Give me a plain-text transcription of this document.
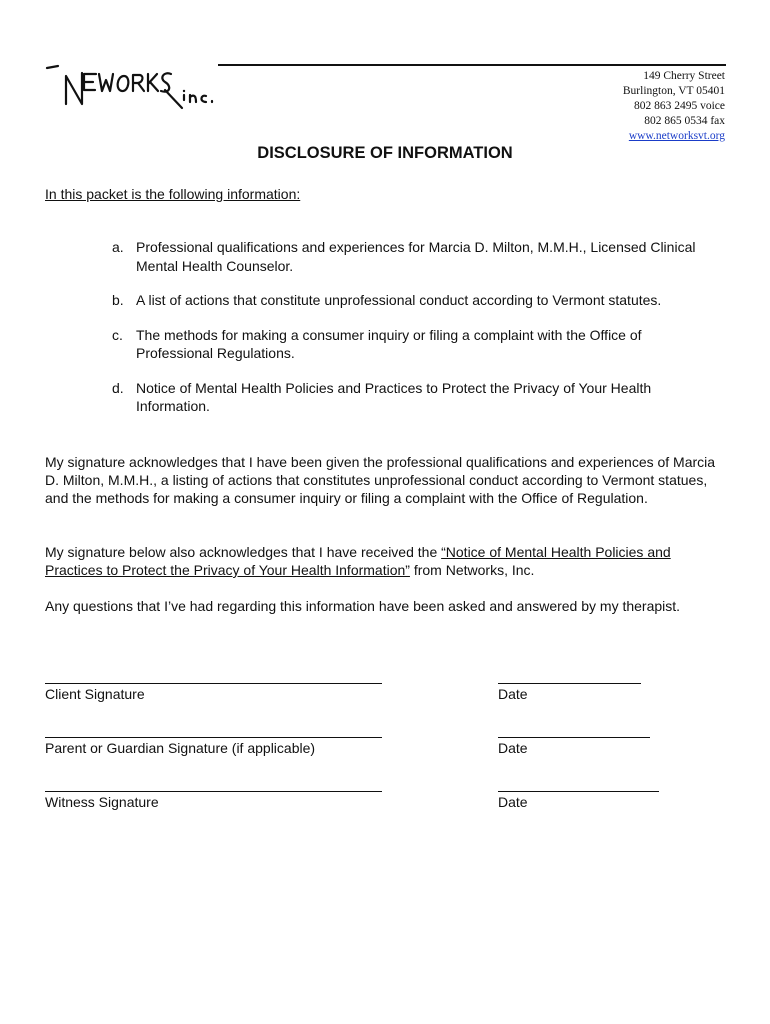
149 Cherry Street
Burlington, VT 05401
802 863 2495 voice
802 865 0534 fax
www.networksvt.org
DISCLOSURE OF INFORMATION
In this packet is the following information:
a. Professional qualifications and experiences for Marcia D. Milton, M.M.H., Licensed Clinical Mental Health Counselor.
b. A list of actions that constitute unprofessional conduct according to Vermont statutes.
c. The methods for making a consumer inquiry or filing a complaint with the Office of Professional Regulations.
d. Notice of Mental Health Policies and Practices to Protect the Privacy of Your Health Information.

My signature acknowledges that I have been given the professional qualifications and experiences of Marcia D. Milton, M.M.H., a listing of actions that constitutes unprofessional conduct according to Vermont statues, and the methods for making a consumer inquiry or filing a complaint with the Office of Regulation.

My signature below also acknowledges that I have received the “Notice of Mental Health Policies and Practices to Protect the Privacy of Your Health Information” from Networks, Inc.

Any questions that I’ve had regarding this information have been asked and answered by my therapist.

Client Signature	Date
Parent or Guardian Signature (if applicable)	Date
Witness Signature	Date
